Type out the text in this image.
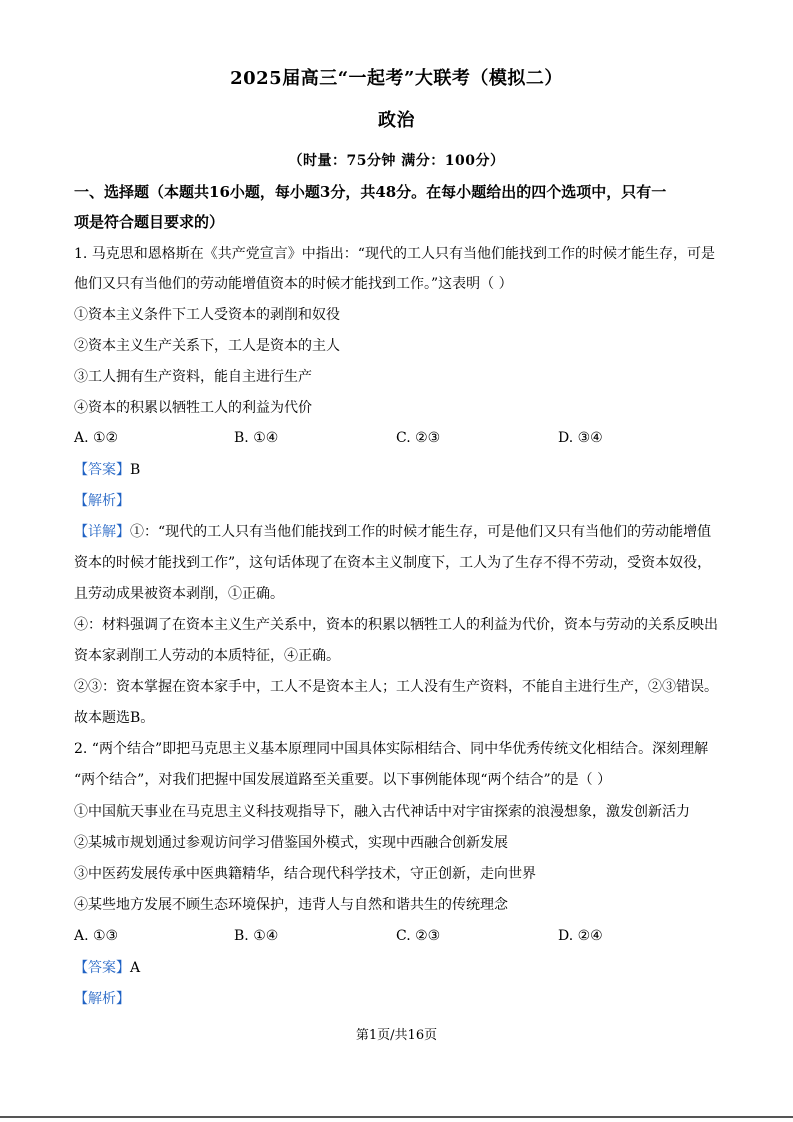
2025届高三“一起考”大联考（模拟二）
政治
（时量：75分钟 满分：100分）
一、选择题（本题共16小题，每小题3分，共48分。在每小题给出的四个选项中，只有一
项是符合题目要求的）
1. 马克思和恩格斯在《共产党宣言》中指出：“现代的工人只有当他们能找到工作的时候才能生存，可是
他们又只有当他们的劳动能增值资本的时候才能找到工作。”这表明（ ）
①资本主义条件下工人受资本的剥削和奴役
②资本主义生产关系下，工人是资本的主人
③工人拥有生产资料，能自主进行生产
④资本的积累以牺牲工人的利益为代价
A. ①②	B. ①④	C. ②③	D. ③④
【答案】B
【解析】
【详解】①：“现代的工人只有当他们能找到工作的时候才能生存，可是他们又只有当他们的劳动能增值
资本的时候才能找到工作”，这句话体现了在资本主义制度下，工人为了生存不得不劳动，受资本奴役，
且劳动成果被资本剥削，①正确。
④：材料强调了在资本主义生产关系中，资本的积累以牺牲工人的利益为代价，资本与劳动的关系反映出
资本家剥削工人劳动的本质特征，④正确。
②③：资本掌握在资本家手中，工人不是资本主人；工人没有生产资料，不能自主进行生产，②③错误。
故本题选B。
2. “两个结合”即把马克思主义基本原理同中国具体实际相结合、同中华优秀传统文化相结合。深刻理解
“两个结合”，对我们把握中国发展道路至关重要。以下事例能体现“两个结合”的是（ ）
①中国航天事业在马克思主义科技观指导下，融入古代神话中对宇宙探索的浪漫想象，激发创新活力
②某城市规划通过参观访问学习借鉴国外模式，实现中西融合创新发展
③中医药发展传承中医典籍精华，结合现代科学技术，守正创新，走向世界
④某些地方发展不顾生态环境保护，违背人与自然和谐共生的传统理念
A. ①③	B. ①④	C. ②③	D. ②④
【答案】A
【解析】
第1页/共16页
